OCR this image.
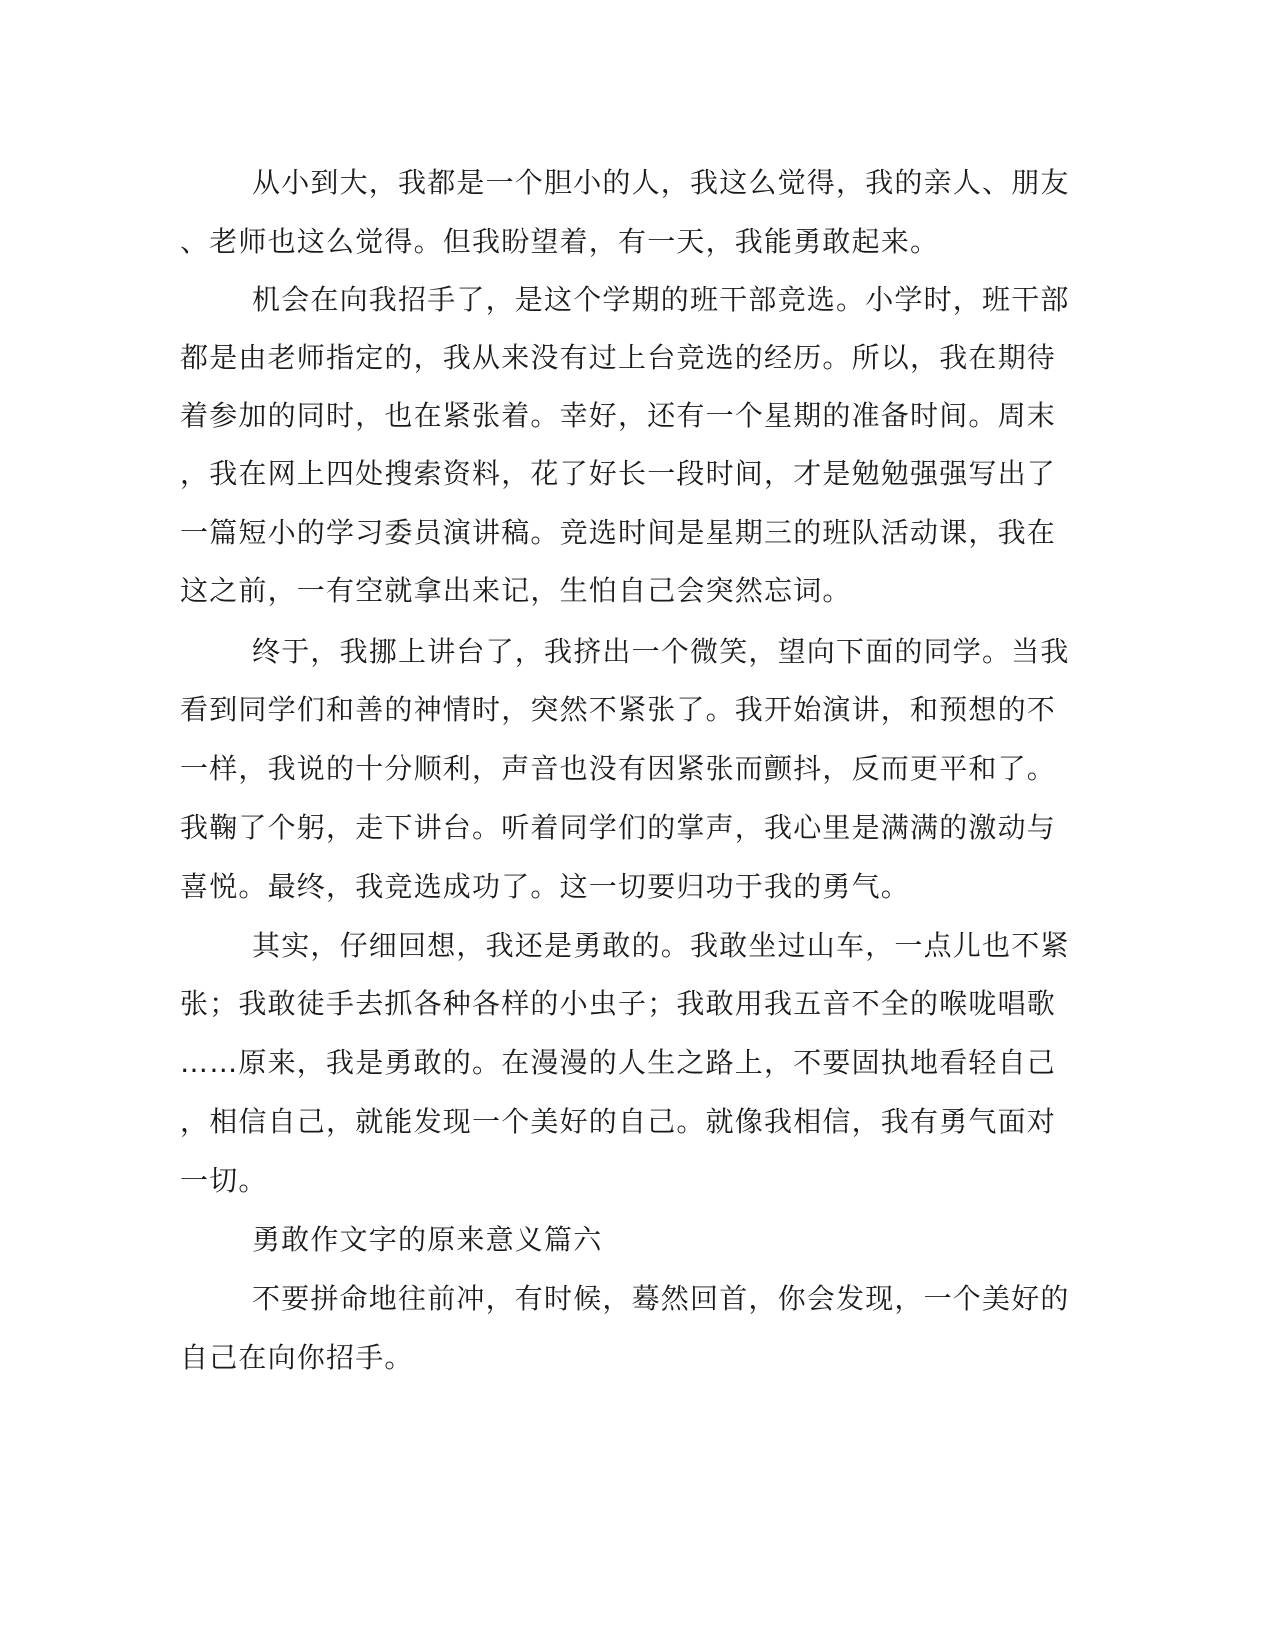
从小到大，我都是一个胆小的人，我这么觉得，我的亲人、朋友
、老师也这么觉得。但我盼望着，有一天，我能勇敢起来。
机会在向我招手了，是这个学期的班干部竞选。小学时，班干部
都是由老师指定的，我从来没有过上台竞选的经历。所以，我在期待
着参加的同时，也在紧张着。幸好，还有一个星期的准备时间。周末
，我在网上四处搜索资料，花了好长一段时间，才是勉勉强强写出了
一篇短小的学习委员演讲稿。竞选时间是星期三的班队活动课，我在
这之前，一有空就拿出来记，生怕自己会突然忘词。
终于，我挪上讲台了，我挤出一个微笑，望向下面的同学。当我
看到同学们和善的神情时，突然不紧张了。我开始演讲，和预想的不
一样，我说的十分顺利，声音也没有因紧张而颤抖，反而更平和了。
我鞠了个躬，走下讲台。听着同学们的掌声，我心里是满满的激动与
喜悦。最终，我竞选成功了。这一切要归功于我的勇气。
其实，仔细回想，我还是勇敢的。我敢坐过山车，一点儿也不紧
张；我敢徒手去抓各种各样的小虫子；我敢用我五音不全的喉咙唱歌
……原来，我是勇敢的。在漫漫的人生之路上，不要固执地看轻自己
，相信自己，就能发现一个美好的自己。就像我相信，我有勇气面对
一切。
勇敢作文字的原来意义篇六
不要拼命地往前冲，有时候，蓦然回首，你会发现，一个美好的
自己在向你招手。
